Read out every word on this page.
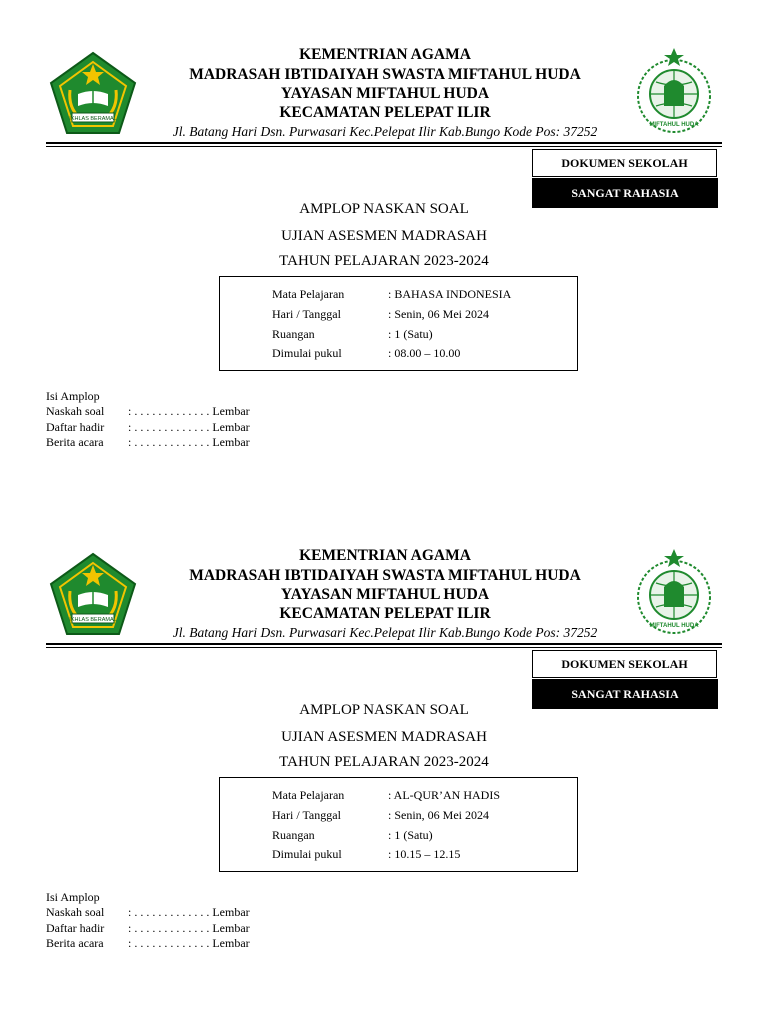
IKHLAS BERAMAL
KEMENTRIAN AGAMA
MADRASAH IBTIDAIYAH SWASTA MIFTAHUL HUDA
YAYASAN MIFTAHUL HUDA
KECAMATAN PELEPAT ILIR
Jl. Batang Hari Dsn. Purwasari Kec.Pelepat Ilir Kab.Bungo Kode Pos: 37252	MIFTAHUL HUDA
DOKUMEN SEKOLAH
SANGAT RAHASIA
AMPLOP NASKAN SOAL
UJIAN ASESMEN MADRASAH
TAHUN PELAJARAN 2023-2024
Mata Pelajaran	: BAHASA INDONESIA
Hari / Tanggal	: Senin, 06 Mei 2024
Ruangan	: 1 (Satu)
Dimulai pukul	: 08.00 – 10.00
Isi Amplop
Naskah soal : . . . . . . . . . . . . . Lembar
Daftar hadir : . . . . . . . . . . . . . Lembar
Berita acara : . . . . . . . . . . . . . Lembar
IKHLAS BERAMAL
KEMENTRIAN AGAMA
MADRASAH IBTIDAIYAH SWASTA MIFTAHUL HUDA
YAYASAN MIFTAHUL HUDA
KECAMATAN PELEPAT ILIR
Jl. Batang Hari Dsn. Purwasari Kec.Pelepat Ilir Kab.Bungo Kode Pos: 37252	MIFTAHUL HUDA
DOKUMEN SEKOLAH
SANGAT RAHASIA
AMPLOP NASKAN SOAL
UJIAN ASESMEN MADRASAH
TAHUN PELAJARAN 2023-2024
Mata Pelajaran	: AL-QUR’AN HADIS
Hari / Tanggal	: Senin, 06 Mei 2024
Ruangan	: 1 (Satu)
Dimulai pukul	: 10.15 – 12.15
Isi Amplop
Naskah soal : . . . . . . . . . . . . . Lembar
Daftar hadir : . . . . . . . . . . . . . Lembar
Berita acara : . . . . . . . . . . . . . Lembar
